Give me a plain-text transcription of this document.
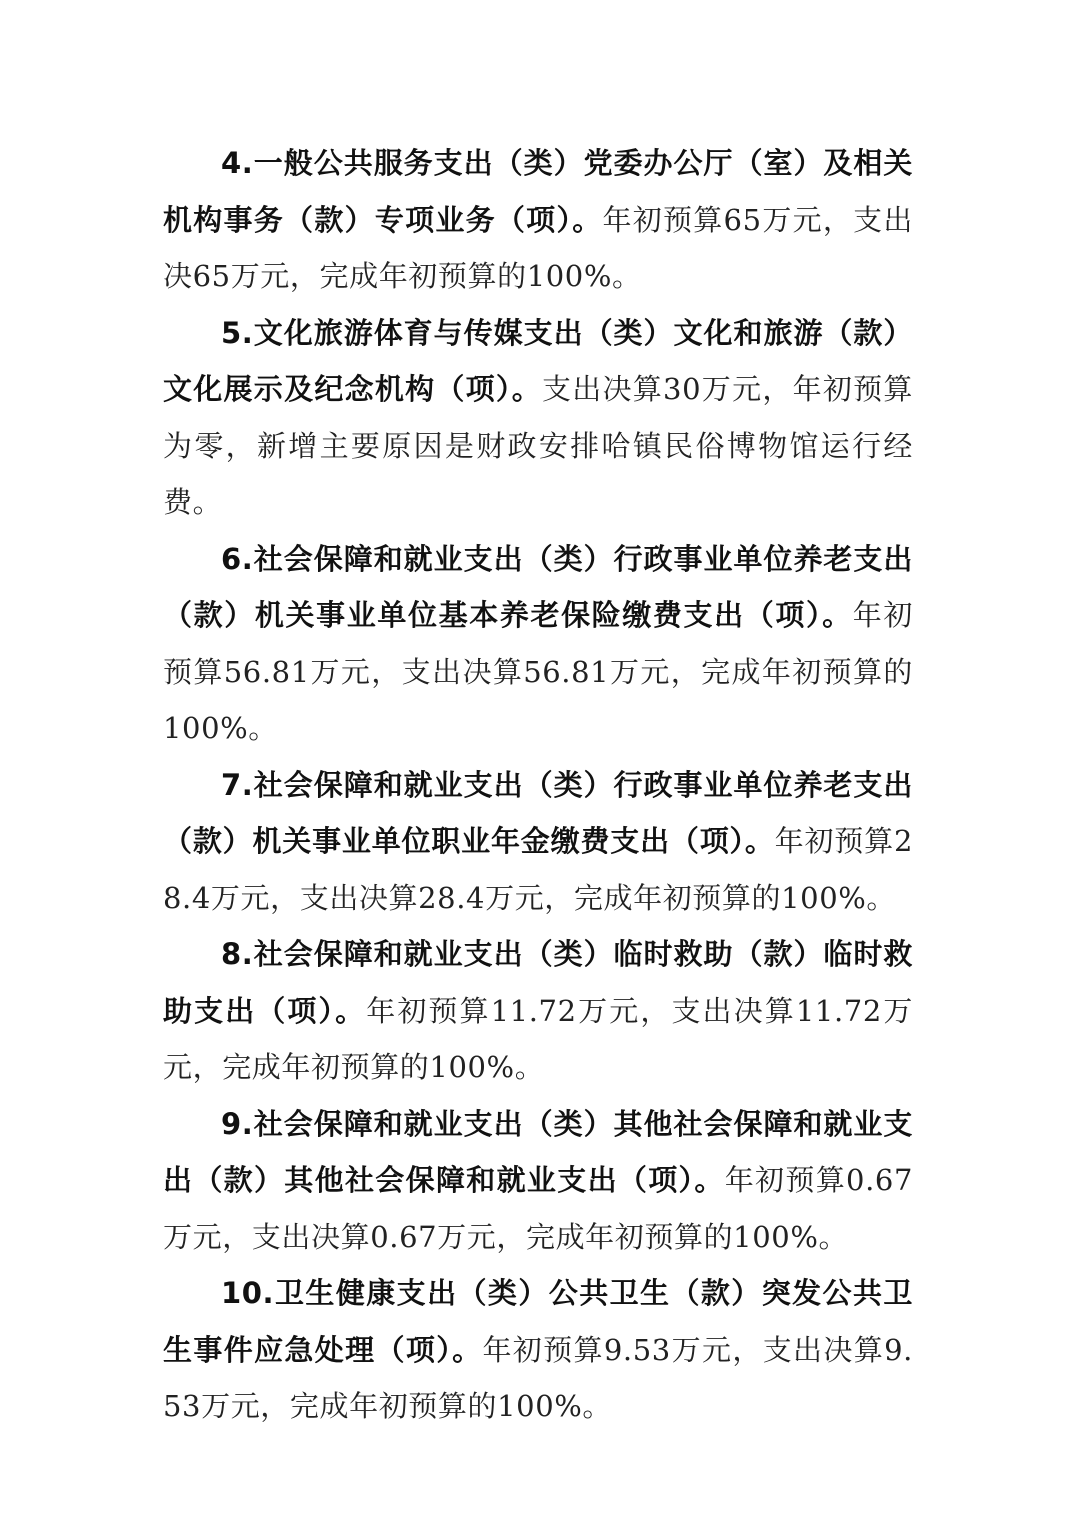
4.一般公共服务支出（类）党委办公厅（室）及相关机构事务（款）专项业务（项）。年初预算65万元，支出决65万元，完成年初预算的100%。

5.文化旅游体育与传媒支出（类）文化和旅游（款）文化展示及纪念机构（项）。支出决算30万元，年初预算为零，新增主要原因是财政安排哈镇民俗博物馆运行经费。

6.社会保障和就业支出（类）行政事业单位养老支出（款）机关事业单位基本养老保险缴费支出（项）。年初预算56.81万元，支出决算56.81万元，完成年初预算的100%。

7.社会保障和就业支出（类）行政事业单位养老支出（款）机关事业单位职业年金缴费支出（项）。年初预算28.4万元，支出决算28.4万元，完成年初预算的100%。

8.社会保障和就业支出（类）临时救助（款）临时救助支出（项）。年初预算11.72万元，支出决算11.72万元，完成年初预算的100%。

9.社会保障和就业支出（类）其他社会保障和就业支出（款）其他社会保障和就业支出（项）。年初预算0.67万元，支出决算0.67万元，完成年初预算的100%。

10.卫生健康支出（类）公共卫生（款）突发公共卫生事件应急处理（项）。年初预算9.53万元，支出决算9.53万元，完成年初预算的100%。
